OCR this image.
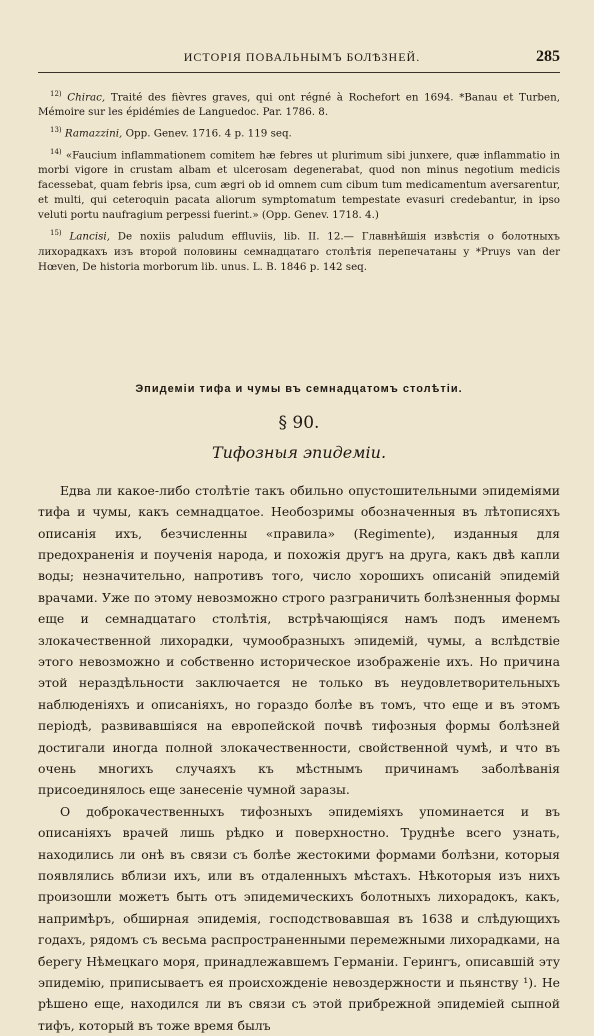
ИСТОРІЯ ПОВАЛЬНЫМЪ БОЛѢЗНЕЙ.	285

$^{12)}$ Chirac, Traité des fièvres graves, qui ont régné à Rochefort en 1694. *Banau et Turben, Mémoire sur les épidémies de Languedoc. Par. 1786. 8.

$^{13)}$ Ramazzini, Opp. Genev. 1716. 4 p. 119 seq.

$^{14)}$ «Faucium inflammationem comitem hæ febres ut plurimum sibi junxere, quæ inflammatio in morbi vigore in crustam albam et ulcerosam degenerabat, quod non minus negotium medicis facessebat, quam febris ipsa, cum ægri ob id omnem cum cibum tum medicamentum aversarentur, et multi, qui ceteroquin pacata aliorum symptomatum tempestate evasuri credebantur, in ipso veluti portu naufragium perpessi fuerint.» (Opp. Genev. 1718. 4.)

$^{15)}$ Lancisi, De noxiis paludum effluviis, lib. II. 12.— Главнѣйшія извѣстія о болотныхъ лихорадкахъ изъ второй половины семнадцатаго столѣтія перепечатаны у *Pruys van der Hœven, De historia morborum lib. unus. L. B. 1846 p. 142 seq.

Эпидеміи тифа и чумы въ семнадцатомъ столѣтіи.
§ 90.
Тифозныя эпидеміи.

Едва ли какое-либо столѣтіе такъ обильно опустошительными эпидеміями тифа и чумы, какъ семнадцатое. Необозримы обозначенныя въ лѣтописяхъ описанія ихъ, безчисленны «правила» (Regimente), изданныя для предохраненія и поученія народа, и похожія другъ на друга, какъ двѣ капли воды; незначительно, напротивъ того, число хорошихъ описаній эпидемій врачами. Уже по этому невозможно строго разграничить болѣзненныя формы еще и семнадцатаго столѣтія, встрѣчающіяся намъ подъ именемъ злокачественной лихорадки, чумообразныхъ эпидемій, чумы, а вслѣдствіе этого невозможно и собственно историческое изображеніе ихъ. Но причина этой нераздѣльности заключается не только въ неудовлетворительныхъ наблюденіяхъ и описаніяхъ, но гораздо болѣе въ томъ, что еще и въ этомъ періодѣ, развивавшіяся на европейской почвѣ тифозныя формы болѣзней достигали иногда полной злокачественности, свойственной чумѣ, и что въ очень многихъ случаяхъ къ мѣстнымъ причинамъ заболѣванія присоединялось еще занесеніе чумной заразы.

О доброкачественныхъ тифозныхъ эпидеміяхъ упоминается и въ описаніяхъ врачей лишь рѣдко и поверхностно. Труднѣе всего узнать, находились ли онѣ въ связи съ болѣе жестокими формами болѣзни, которыя появлялись вблизи ихъ, или въ отдаленныхъ мѣстахъ. Нѣкоторыя изъ нихъ произошли можетъ быть отъ эпидемическихъ болотныхъ лихорадокъ, какъ, напримѣръ, обширная эпидемія, господствовавшая въ 1638 и слѣдующихъ годахъ, рядомъ съ весьма распространенными перемежными лихорадками, на берегу Нѣмецкаго моря, принадлежавшемъ Германіи. Герингъ, описавшій эту эпидемію, приписываетъ ея происхожденіе невоздержности и пьянству ¹). Не рѣшено еще, находился ли въ связи съ этой прибрежной эпидеміей сыпной тифъ, который въ тоже время былъ
